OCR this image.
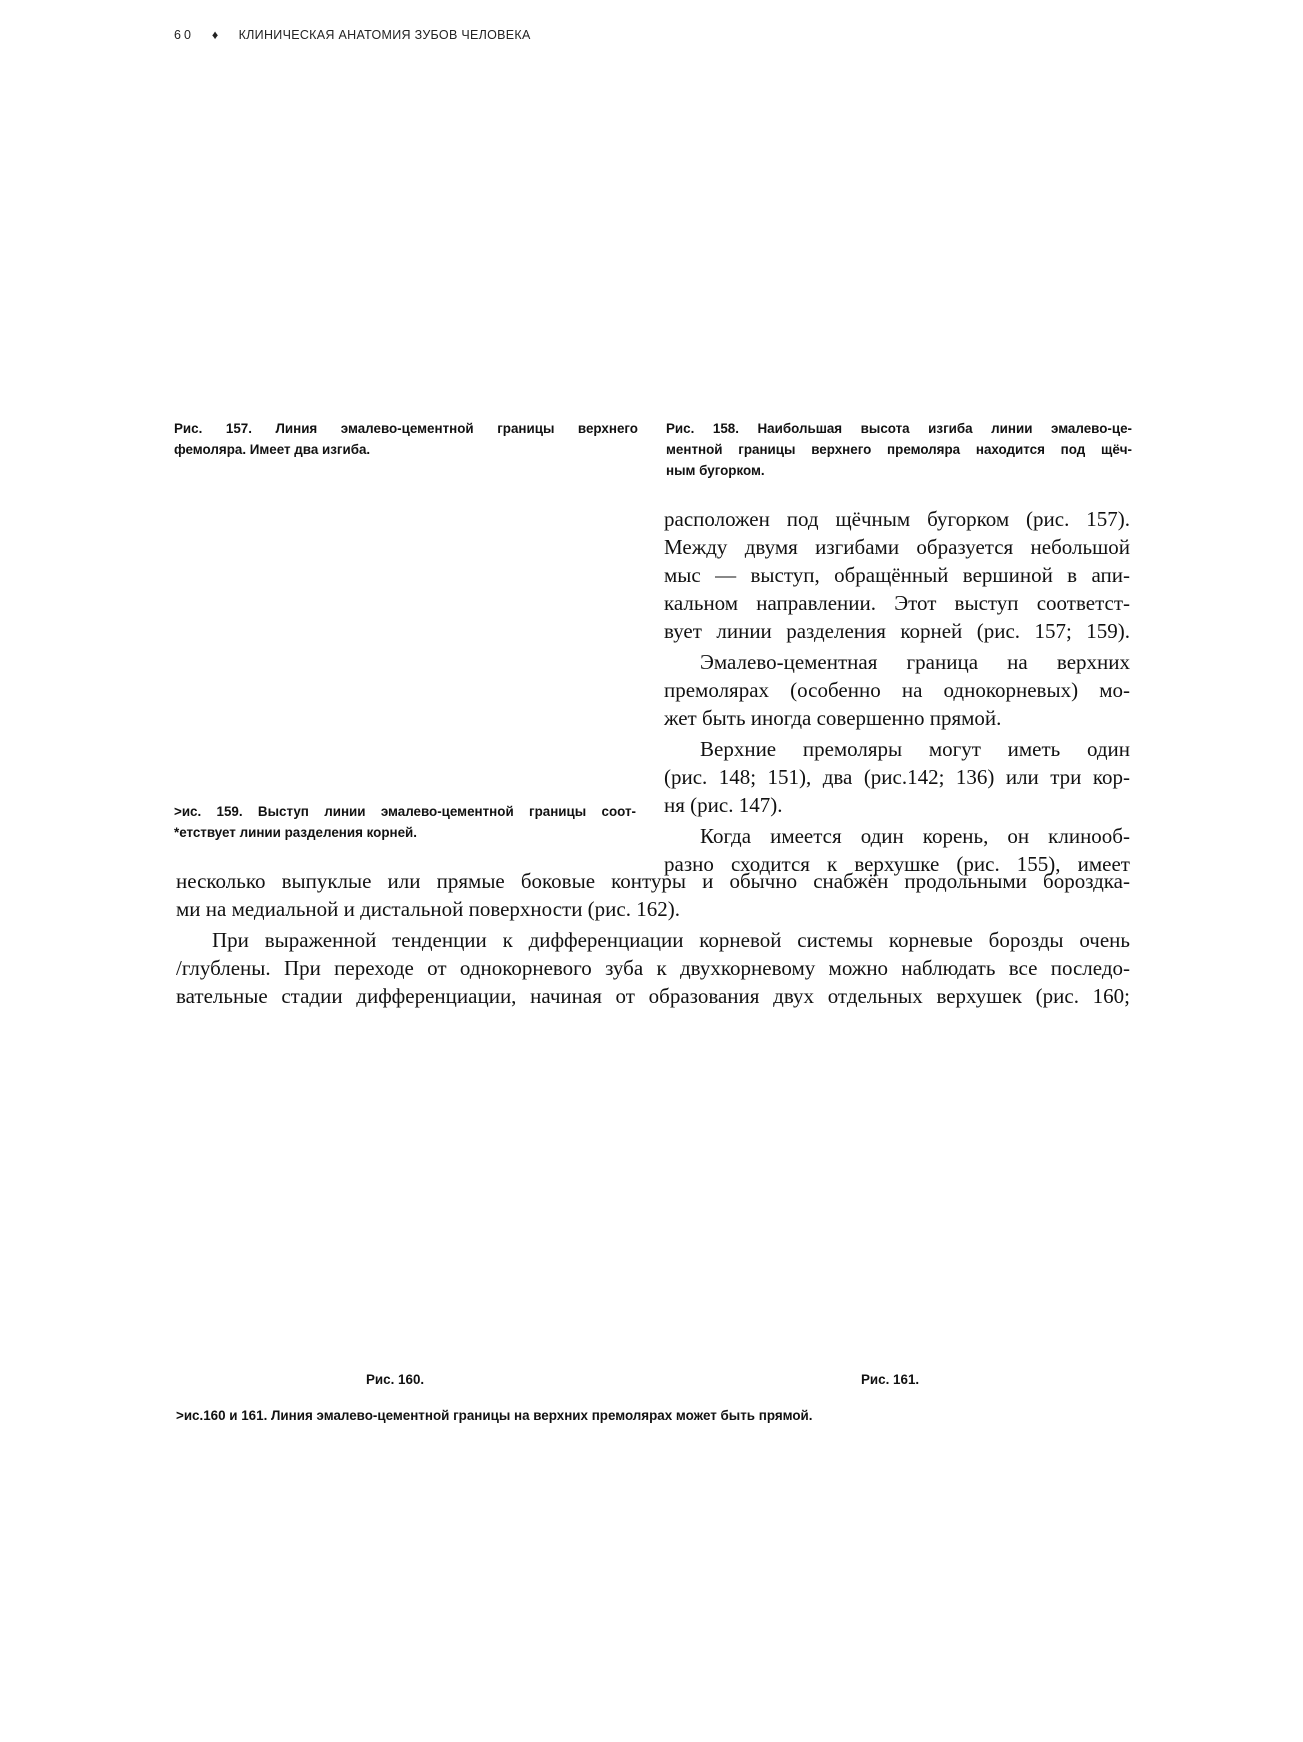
60 ♦ КЛИНИЧЕСКАЯ АНАТОМИЯ ЗУБОВ ЧЕЛОВЕКА
Рис. 157. Линия эмалево-цементной границы верхнего
фемоляра. Имеет два изгиба.
Рис. 158. Наибольшая высота изгиба линии эмалево-це-
ментной границы верхнего премоляра находится под щёч-
ным бугорком.
>ис. 159. Выступ линии эмалево-цементной границы соот-
*етствует линии разделения корней.
расположен под щёчным бугорком (рис. 157).
Между двумя изгибами образуется небольшой
мыс — выступ, обращённый вершиной в апи-
кальном направлении. Этот выступ соответст-
вует линии разделения корней (рис. 157; 159).
Эмалево-цементная граница на верхних
премолярах (особенно на однокорневых) мо-
жет быть иногда совершенно прямой.
Верхние премоляры могут иметь один
(рис. 148; 151), два (рис.142; 136) или три кор-
ня (рис. 147).
Когда имеется один корень, он клинооб-
разно сходится к верхушке (рис. 155), имеет
несколько выпуклые или прямые боковые контуры и обычно снабжён продольными бороздка-
ми на медиальной и дистальной поверхности (рис. 162).
При выраженной тенденции к дифференциации корневой системы корневые борозды очень
/глублены. При переходе от однокорневого зуба к двухкорневому можно наблюдать все последо-
вательные стадии дифференциации, начиная от образования двух отдельных верхушек (рис. 160;
Рис. 160.	Рис. 161.
>ис.160 и 161. Линия эмалево-цементной границы на верхних премолярах может быть прямой.
